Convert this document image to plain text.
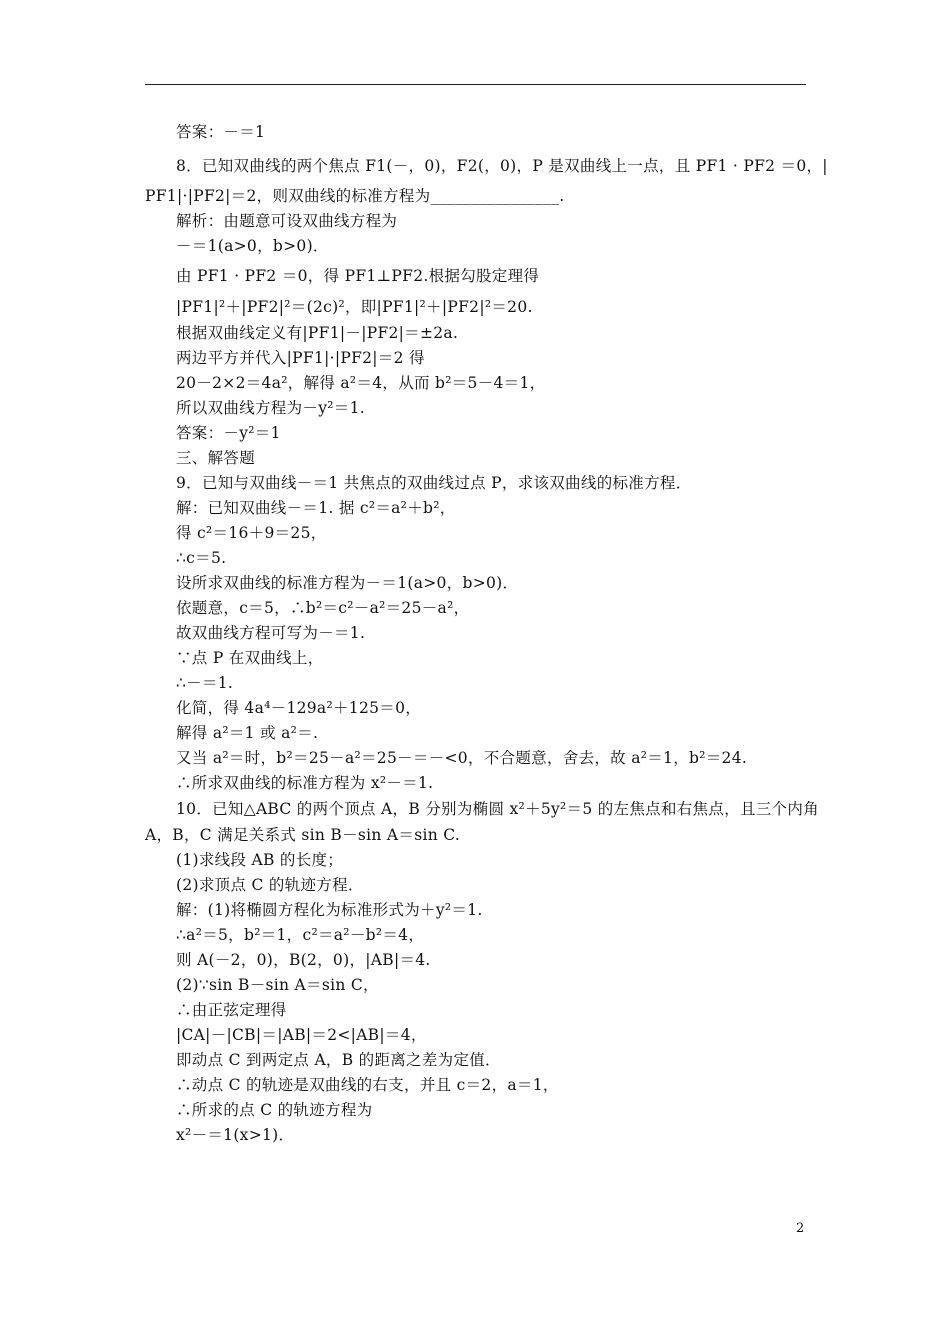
答案：－＝1
8．已知双曲线的两个焦点 F1(－，0)，F2(，0)，P 是双曲线上一点，且 PF1 · PF2 ＝0，|
PF1|·|PF2|＝2，则双曲线的标准方程为________________.
解析：由题意可设双曲线方程为
－＝1(a>0，b>0)．
由 PF1 · PF2 ＝0，得 PF1⊥PF2.根据勾股定理得
|PF1|²＋|PF2|²＝(2c)²，即|PF1|²＋|PF2|²＝20.
根据双曲线定义有|PF1|－|PF2|＝±2a.
两边平方并代入|PF1|·|PF2|＝2 得
20－2×2＝4a²，解得 a²＝4，从而 b²＝5－4＝1，
所以双曲线方程为－y²＝1.
答案：－y²＝1
三、解答题
9．已知与双曲线－＝1 共焦点的双曲线过点 P，求该双曲线的标准方程．
解：已知双曲线－＝1. 据 c²＝a²＋b²，
得 c²＝16＋9＝25，
∴c＝5.
设所求双曲线的标准方程为－＝1(a>0，b>0)．
依题意，c＝5，∴b²＝c²－a²＝25－a²，
故双曲线方程可写为－＝1.
∵点 P 在双曲线上，
∴－＝1.
化简，得 4a⁴－129a²＋125＝0，
解得 a²＝1 或 a²＝.
又当 a²＝时，b²＝25－a²＝25－＝－<0，不合题意，舍去，故 a²＝1，b²＝24.
∴所求双曲线的标准方程为 x²－＝1.
10．已知△ABC 的两个顶点 A，B 分别为椭圆 x²＋5y²＝5 的左焦点和右焦点，且三个内角
A，B，C 满足关系式 sin B－sin A＝sin C.
(1)求线段 AB 的长度；
(2)求顶点 C 的轨迹方程．
解：(1)将椭圆方程化为标准形式为＋y²＝1.
∴a²＝5，b²＝1，c²＝a²－b²＝4，
则 A(－2，0)，B(2，0)，|AB|＝4.
(2)∵sin B－sin A＝sin C，
∴由正弦定理得
|CA|－|CB|＝|AB|＝2<|AB|＝4，
即动点 C 到两定点 A，B 的距离之差为定值．
∴动点 C 的轨迹是双曲线的右支，并且 c＝2，a＝1，
∴所求的点 C 的轨迹方程为
x²－＝1(x>1)．
2
